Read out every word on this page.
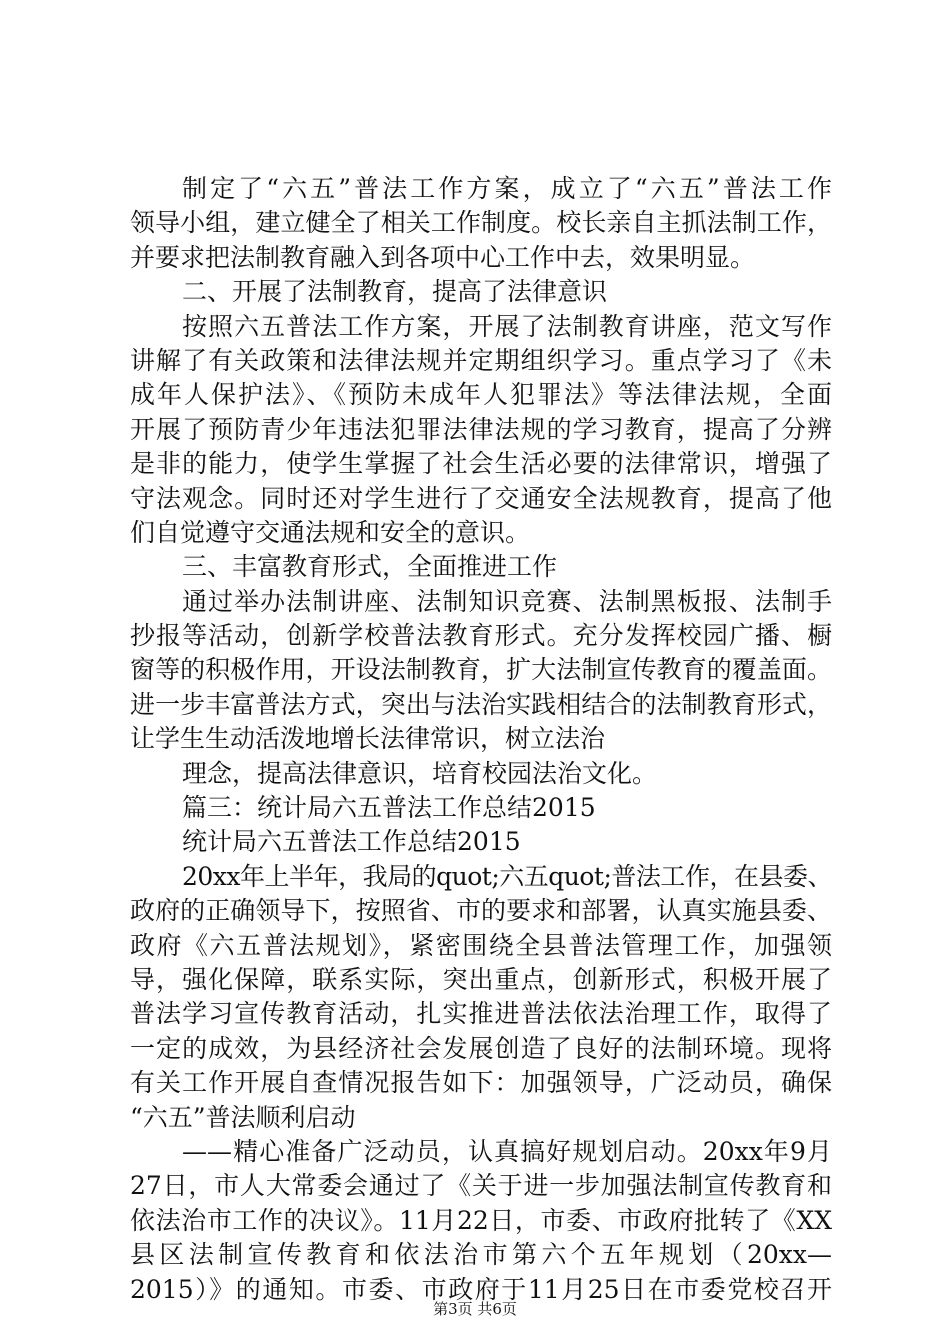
制定了“六五”普法工作方案，成立了“六五”普法工作
领导小组，建立健全了相关工作制度。校长亲自主抓法制工作，
并要求把法制教育融入到各项中心工作中去，效果明显。
二、开展了法制教育，提高了法律意识
按照六五普法工作方案，开展了法制教育讲座，范文写作
讲解了有关政策和法律法规并定期组织学习。重点学习了《未
成年人保护法》、《预防未成年人犯罪法》等法律法规，全面
开展了预防青少年违法犯罪法律法规的学习教育，提高了分辨
是非的能力，使学生掌握了社会生活必要的法律常识，增强了
守法观念。同时还对学生进行了交通安全法规教育，提高了他
们自觉遵守交通法规和安全的意识。
三、丰富教育形式，全面推进工作
通过举办法制讲座、法制知识竞赛、法制黑板报、法制手
抄报等活动，创新学校普法教育形式。充分发挥校园广播、橱
窗等的积极作用，开设法制教育，扩大法制宣传教育的覆盖面。
进一步丰富普法方式，突出与法治实践相结合的法制教育形式，
让学生生动活泼地增长法律常识，树立法治
理念，提高法律意识，培育校园法治文化。
篇三：统计局六五普法工作总结2015
统计局六五普法工作总结2015
20xx年上半年，我局的quot;六五quot;普法工作，在县委、
政府的正确领导下，按照省、市的要求和部署，认真实施县委、
政府《六五普法规划》，紧密围绕全县普法管理工作，加强领
导，强化保障，联系实际，突出重点，创新形式，积极开展了
普法学习宣传教育活动，扎实推进普法依法治理工作，取得了
一定的成效，为县经济社会发展创造了良好的法制环境。现将
有关工作开展自查情况报告如下：加强领导，广泛动员，确保
“六五”普法顺利启动
——精心准备广泛动员，认真搞好规划启动。20xx年9月
27日，市人大常委会通过了《关于进一步加强法制宣传教育和
依法治市工作的决议》。11月22日，市委、市政府批转了《XX
县区法制宣传教育和依法治市第六个五年规划（20xx—
2015）》的通知。市委、市政府于11月25日在市委党校召开
第3页 共6页
